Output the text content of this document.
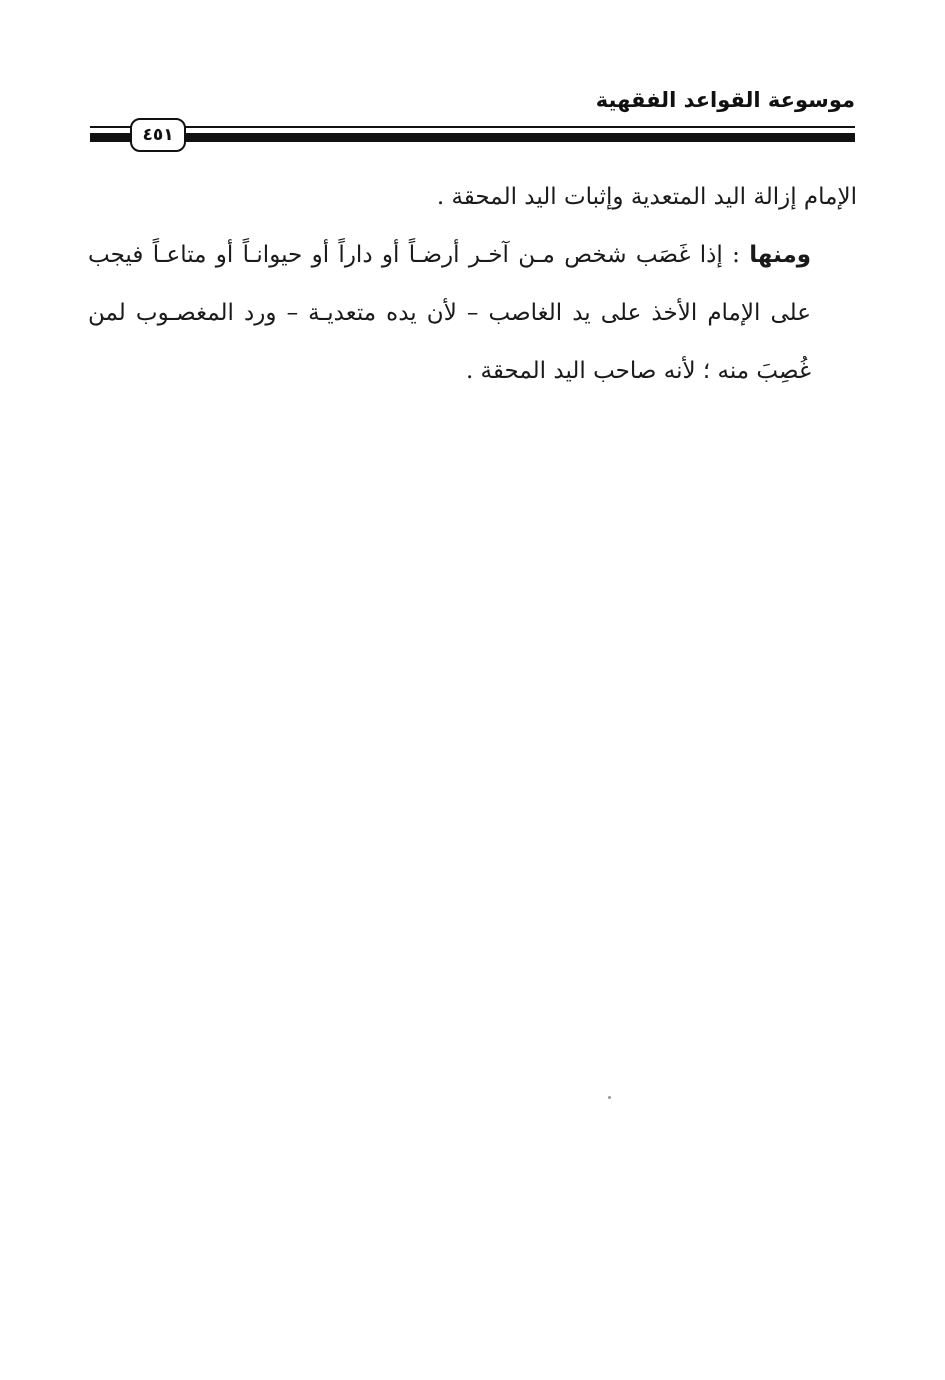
موسوعة القواعد الفقهية
٤٥١

الإمام إزالة اليد المتعدية وإثبات اليد المحقة .

ومنها : إذا غَصَب شخص مـن آخـر أرضـاً أو داراً أو حيوانـاً أو متاعـاً فيجب على الإمام الأخذ على يد الغاصب – لأن يده متعديـة – ورد المغصـوب لمن غُصِبَ منه ؛ لأنه صاحب اليد المحقة .
